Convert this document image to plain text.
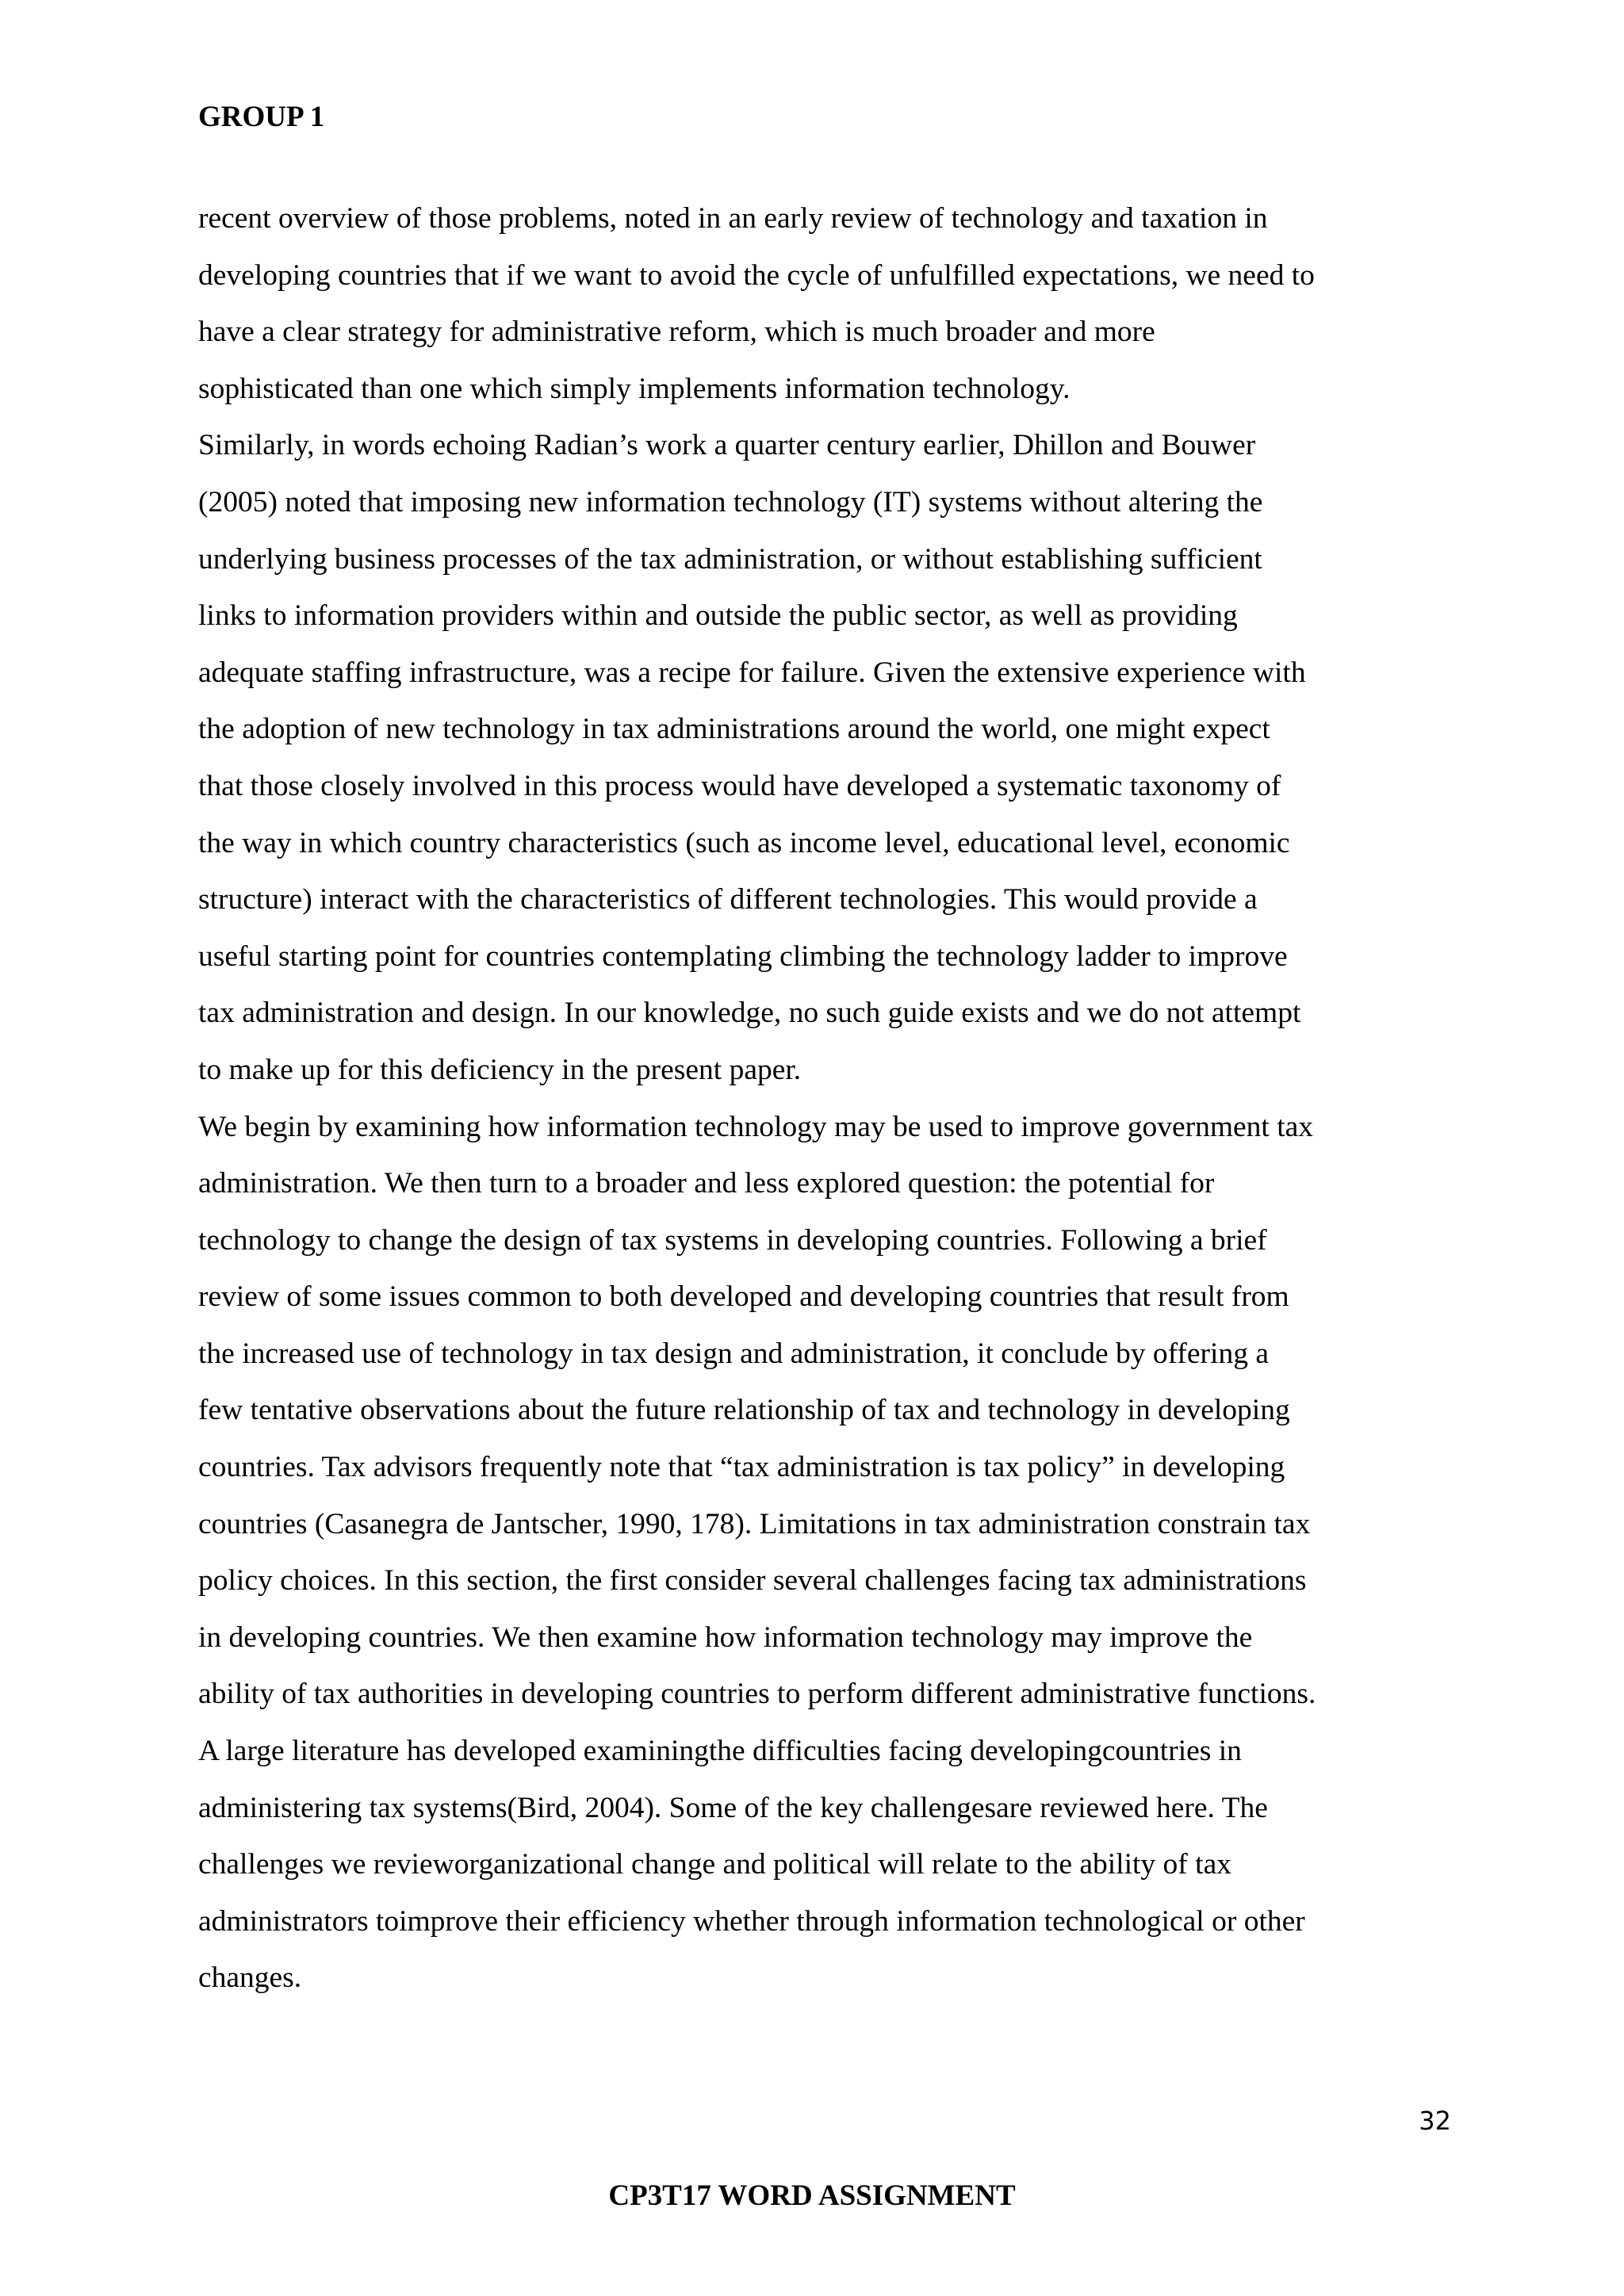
GROUP 1

recent overview of those problems, noted in an early review of technology and taxation in
developing countries that if we want to avoid the cycle of unfulfilled expectations, we need to
have a clear strategy for administrative reform, which is much broader and more
sophisticated than one which simply implements information technology.

Similarly, in words echoing Radian’s work a quarter century earlier, Dhillon and Bouwer
(2005) noted that imposing new information technology (IT) systems without altering the
underlying business processes of the tax administration, or without establishing sufficient
links to information providers within and outside the public sector, as well as providing
adequate staffing infrastructure, was a recipe for failure. Given the extensive experience with
the adoption of new technology in tax administrations around the world, one might expect
that those closely involved in this process would have developed a systematic taxonomy of
the way in which country characteristics (such as income level, educational level, economic
structure) interact with the characteristics of different technologies. This would provide a
useful starting point for countries contemplating climbing the technology ladder to improve
tax administration and design. In our knowledge, no such guide exists and we do not attempt
to make up for this deficiency in the present paper.

We begin by examining how information technology may be used to improve government tax
administration. We then turn to a broader and less explored question: the potential for
technology to change the design of tax systems in developing countries. Following a brief
review of some issues common to both developed and developing countries that result from
the increased use of technology in tax design and administration, it conclude by offering a
few tentative observations about the future relationship of tax and technology in developing
countries. Tax advisors frequently note that “tax administration is tax policy” in developing
countries (Casanegra de Jantscher, 1990, 178). Limitations in tax administration constrain tax
policy choices. In this section, the first consider several challenges facing tax administrations
in developing countries. We then examine how information technology may improve the
ability of tax authorities in developing countries to perform different administrative functions.
A large literature has developed examiningthe difficulties facing developingcountries in
administering tax systems(Bird, 2004). Some of the key challengesare reviewed here. The
challenges we revieworganizational change and political will relate to the ability of tax
administrators toimprove their efficiency whether through information technological or other
changes.

32
CP3T17 WORD ASSIGNMENT
